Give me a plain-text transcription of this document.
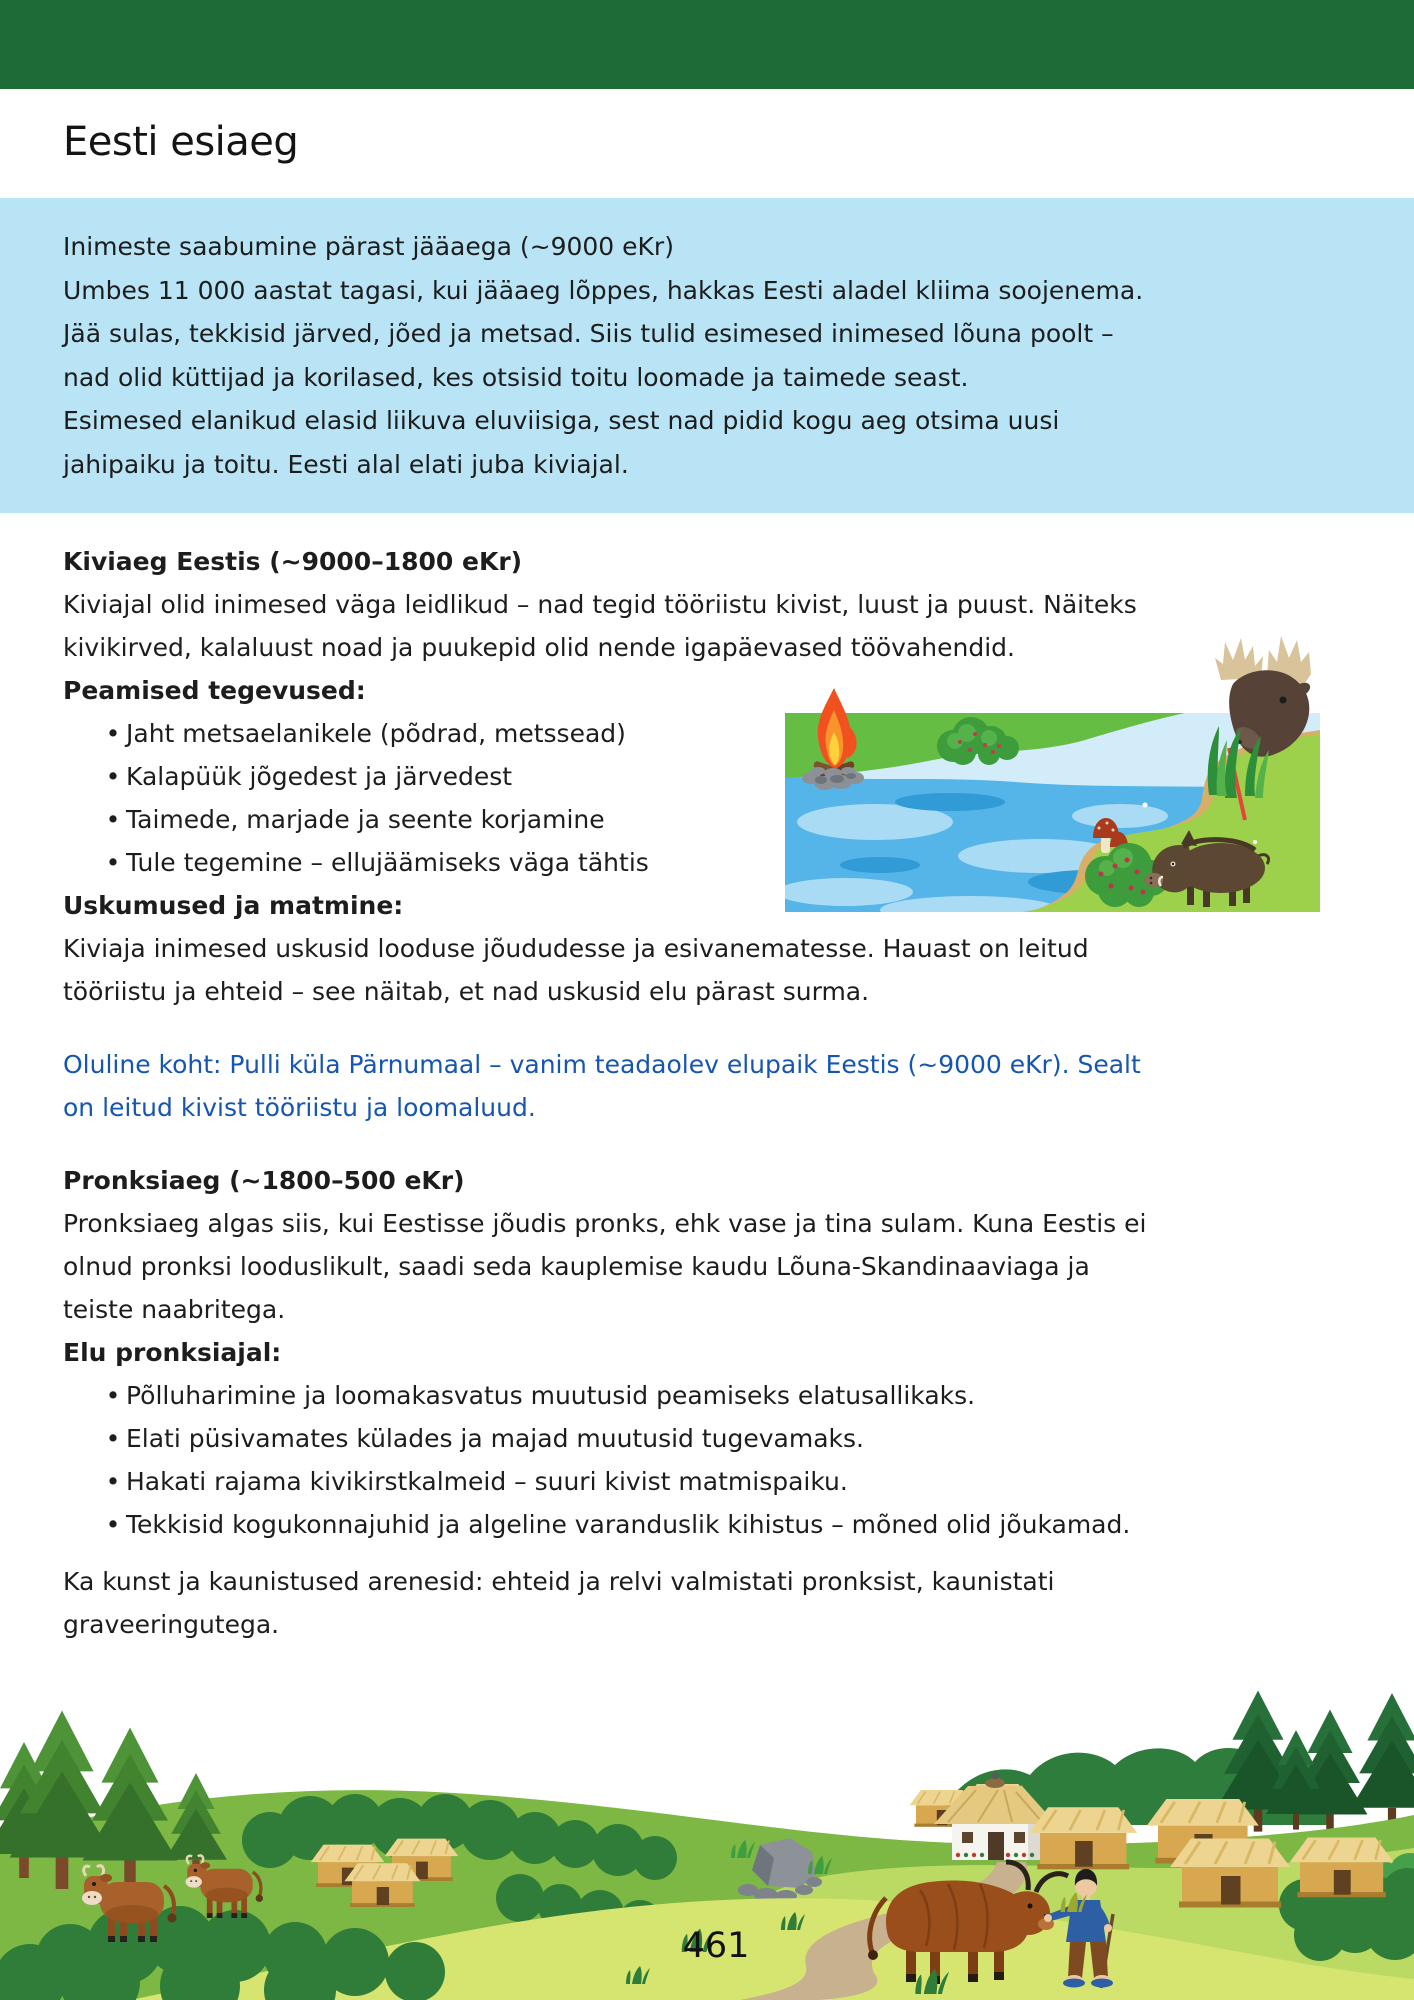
Eesti esiaeg
Inimeste saabumine pärast jääaega (~9000 eKr)
Umbes 11 000 aastat tagasi, kui jääaeg lõppes, hakkas Eesti aladel kliima soojenema.
Jää sulas, tekkisid järved, jõed ja metsad. Siis tulid esimesed inimesed lõuna poolt –
nad olid küttijad ja korilased, kes otsisid toitu loomade ja taimede seast.
Esimesed elanikud elasid liikuva eluviisiga, sest nad pidid kogu aeg otsima uusi
jahipaiku ja toitu. Eesti alal elati juba kiviajal.
Kiviaeg Eestis (~9000–1800 eKr)
Kiviajal olid inimesed väga leidlikud – nad tegid tööriistu kivist, luust ja puust. Näiteks
kivikirved, kalaluust noad ja puukepid olid nende igapäevased töövahendid.
Peamised tegevused:
• Jaht metsaelanikele (põdrad, metssead)
• Kalapüük jõgedest ja järvedest
• Taimede, marjade ja seente korjamine
• Tule tegemine – ellujäämiseks väga tähtis
Uskumused ja matmine:
Kiviaja inimesed uskusid looduse jõududesse ja esivanematesse. Hauast on leitud
tööriistu ja ehteid – see näitab, et nad uskusid elu pärast surma.
Oluline koht: Pulli küla Pärnumaal – vanim teadaolev elupaik Eestis (~9000 eKr). Sealt
on leitud kivist tööriistu ja loomaluud.
Pronksiaeg (~1800–500 eKr)
Pronksiaeg algas siis, kui Eestisse jõudis pronks, ehk vase ja tina sulam. Kuna Eestis ei
olnud pronksi looduslikult, saadi seda kauplemise kaudu Lõuna-Skandinaaviaga ja
teiste naabritega.
Elu pronksiajal:
• Põlluharimine ja loomakasvatus muutusid peamiseks elatusallikaks.
• Elati püsivamates külades ja majad muutusid tugevamaks.
• Hakati rajama kivikirstkalmeid – suuri kivist matmispaiku.
• Tekkisid kogukonnajuhid ja algeline varanduslik kihistus – mõned olid jõukamad.
Ka kunst ja kaunistused arenesid: ehteid ja relvi valmistati pronksist, kaunistati
graveeringutega.
461
